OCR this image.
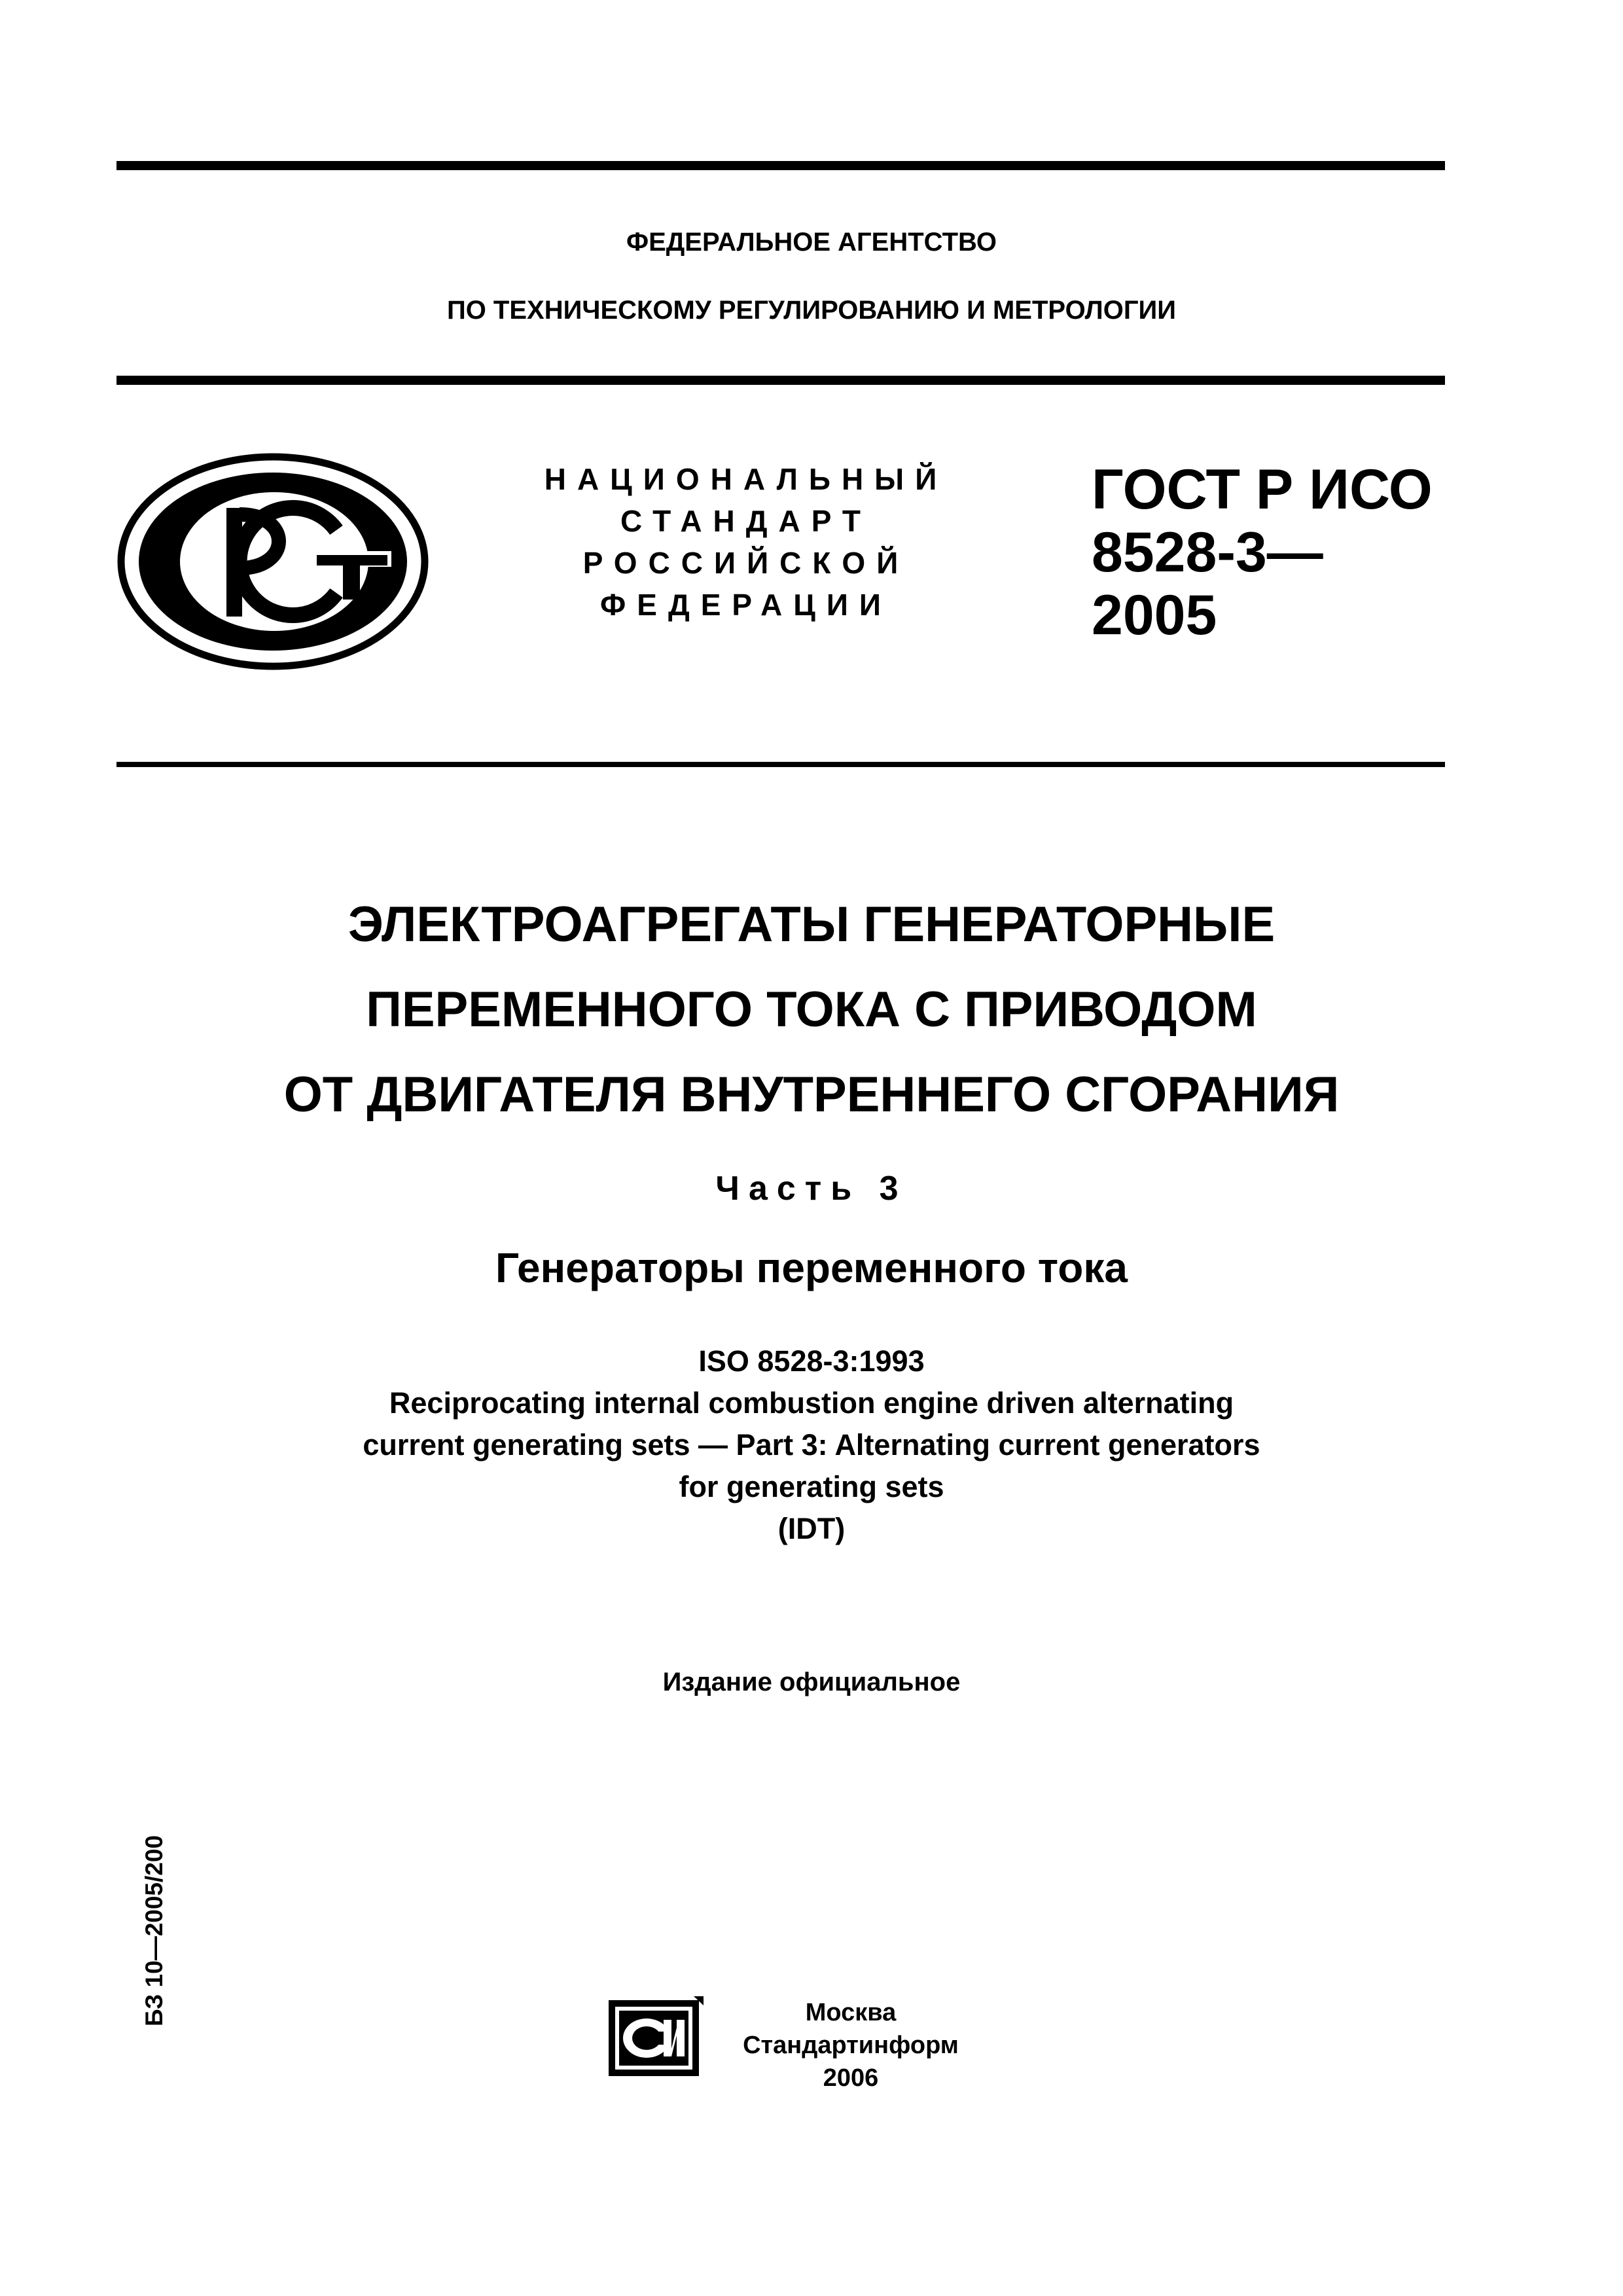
ФЕДЕРАЛЬНОЕ АГЕНТСТВО
ПО ТЕХНИЧЕСКОМУ РЕГУЛИРОВАНИЮ И МЕТРОЛОГИИ
НАЦИОНАЛЬНЫЙ
СТАНДАРТ
РОССИЙСКОЙ
ФЕДЕРАЦИИ
ГОСТ Р ИСО
8528-3—
2005
ЭЛЕКТРОАГРЕГАТЫ ГЕНЕРАТОРНЫЕ
ПЕРЕМЕННОГО ТОКА С ПРИВОДОМ
ОТ ДВИГАТЕЛЯ ВНУТРЕННЕГО СГОРАНИЯ
Часть 3
Генераторы переменного тока
ISO 8528-3:1993
Reciprocating internal combustion engine driven alternating
current generating sets — Part 3: Alternating current generators
for generating sets
(IDT)
Издание официальное
БЗ 10—2005/200	Москва
Стандартинформ
2006
